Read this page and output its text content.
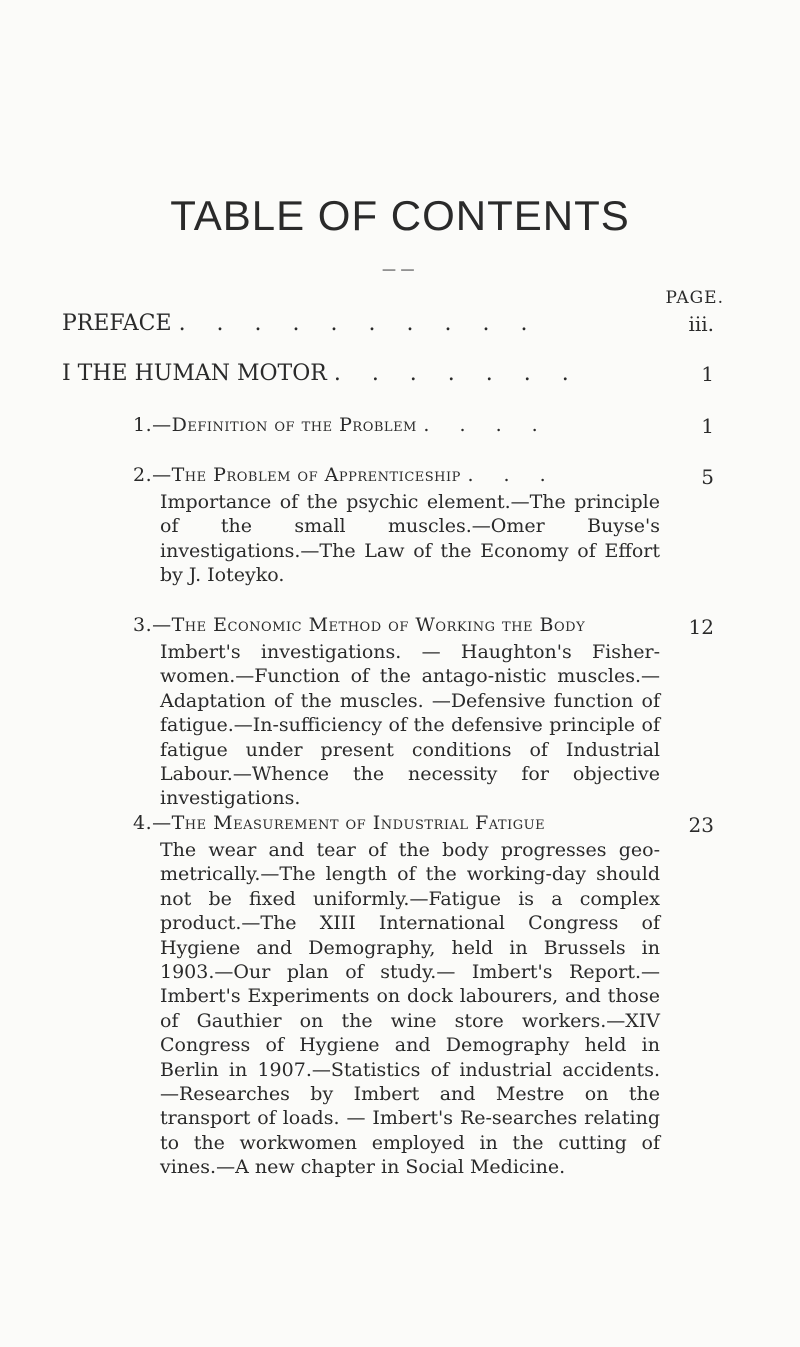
TABLE OF CONTENTS
— —
PAGE.
PREFACE . . . . . . . . . .	iii.
I THE HUMAN MOTOR . . . . . . .	1
1.—Definition of the Problem . . . .	1
2.—The Problem of Apprenticeship . . .	5

Importance of the psychic element.—The principle of the small muscles.—Omer Buyse's investigations.—The Law of the Economy of Effort by J. Ioteyko.

3.—The Economic Method of Working the Body	12

Imbert's investigations. — Haughton's Fisher-women.—Function of the antago-nistic muscles.—Adaptation of the muscles. —Defensive function of fatigue.—In-sufficiency of the defensive principle of fatigue under present conditions of Industrial Labour.—Whence the necessity for objective investigations.

4.—The Measurement of Industrial Fatigue	23

The wear and tear of the body progresses geo-metrically.—The length of the working-day should not be fixed uniformly.—Fatigue is a complex product.—The XIII International Congress of Hygiene and Demography, held in Brussels in 1903.—Our plan of study.— Imbert's Report.—Imbert's Experiments on dock labourers, and those of Gauthier on the wine store workers.—XIV Congress of Hygiene and Demography held in Berlin in 1907.—Statistics of industrial accidents. —Researches by Imbert and Mestre on the transport of loads. — Imbert's Re-searches relating to the workwomen employed in the cutting of vines.—A new chapter in Social Medicine.
